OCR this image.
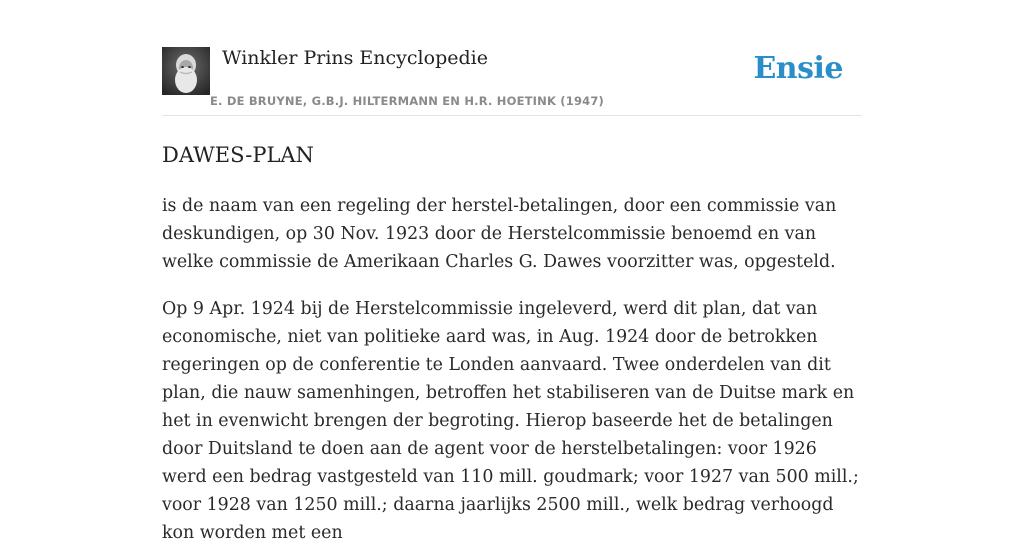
Winkler Prins Encyclopedie
E. DE BRUYNE, G.B.J. HILTERMANN EN H.R. HOETINK (1947)
Ensie
DAWES-PLAN

is de naam van een regeling der herstel-betalingen, door een commissie van deskundigen, op 30 Nov. 1923 door de Herstelcommissie benoemd en van welke commissie de Amerikaan Charles G. Dawes voorzitter was, opgesteld.

Op 9 Apr. 1924 bij de Herstelcommissie ingeleverd, werd dit plan, dat van economische, niet van politieke aard was, in Aug. 1924 door de betrokken regeringen op de conferentie te Londen aanvaard. Twee onderdelen van dit plan, die nauw samenhingen, betroffen het stabiliseren van de Duitse mark en het in evenwicht brengen der begroting. Hierop baseerde het de betalingen door Duitsland te doen aan de agent voor de herstelbetalingen: voor 1926 werd een bedrag vastgesteld van 110 mill. goudmark; voor 1927 van 500 mill.; voor 1928 van 1250 mill.; daarna jaarlijks 2500 mill., welk bedrag verhoogd kon worden met een
